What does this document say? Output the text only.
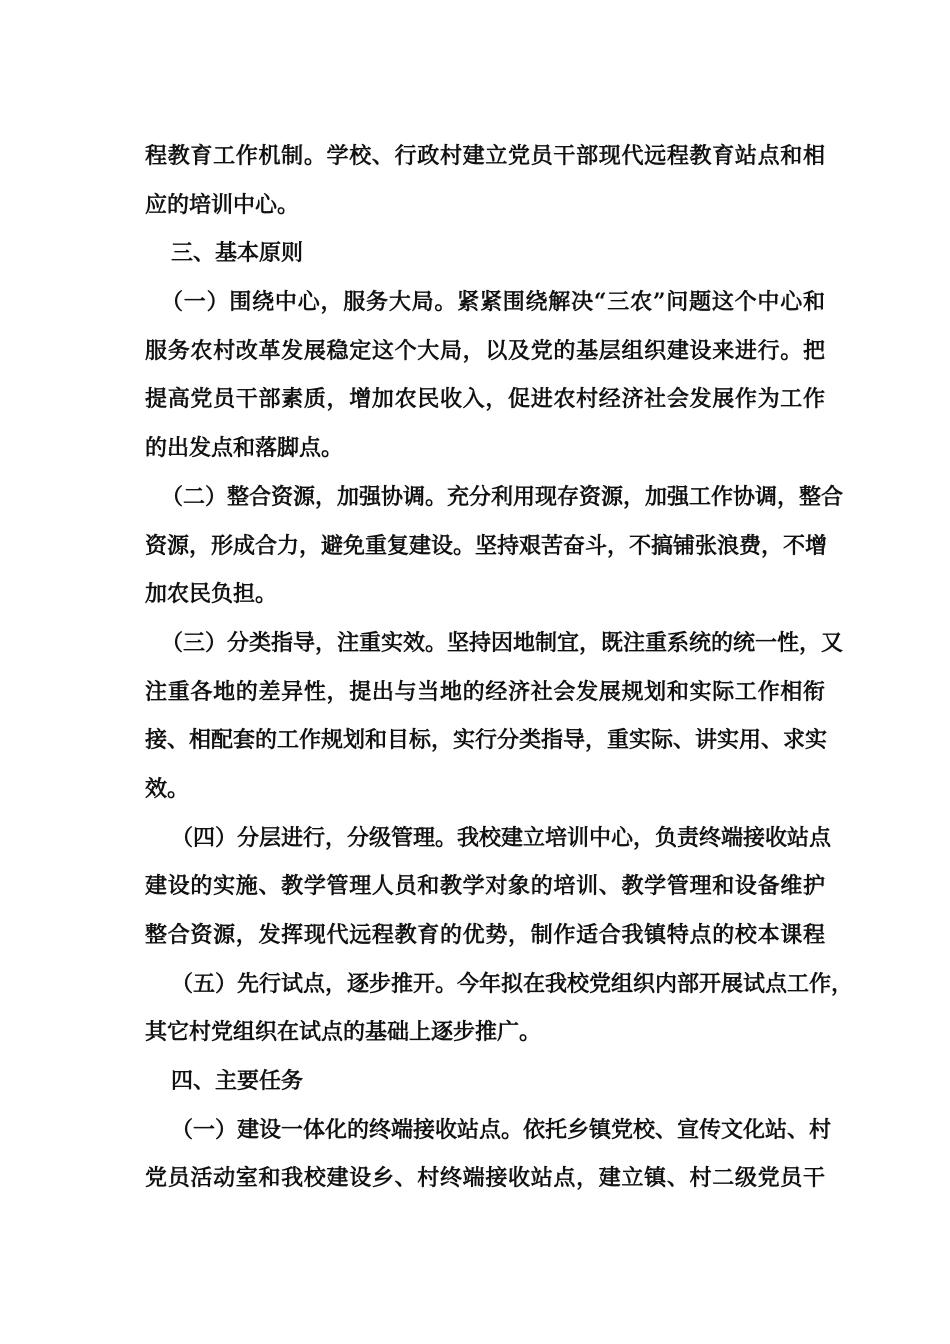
程教育工作机制。学校、行政村建立党员干部现代远程教育站点和相
应的培训中心。
三、基本原则
（一）围绕中心，服务大局。紧紧围绕解决“三农”问题这个中心和
服务农村改革发展稳定这个大局，以及党的基层组织建设来进行。把
提高党员干部素质，增加农民收入，促进农村经济社会发展作为工作
的出发点和落脚点。
（二）整合资源，加强协调。充分利用现存资源，加强工作协调，整合
资源，形成合力，避免重复建设。坚持艰苦奋斗，不搞铺张浪费，不增
加农民负担。
（三）分类指导，注重实效。坚持因地制宜，既注重系统的统一性，又
注重各地的差异性，提出与当地的经济社会发展规划和实际工作相衔
接、相配套的工作规划和目标，实行分类指导，重实际、讲实用、求实
效。
（四）分层进行，分级管理。我校建立培训中心，负责终端接收站点
建设的实施、教学管理人员和教学对象的培训、教学管理和设备维护
整合资源，发挥现代远程教育的优势，制作适合我镇特点的校本课程
（五）先行试点，逐步推开。今年拟在我校党组织内部开展试点工作，
其它村党组织在试点的基础上逐步推广。
四、主要任务
（一）建设一体化的终端接收站点。依托乡镇党校、宣传文化站、村
党员活动室和我校建设乡、村终端接收站点，建立镇、村二级党员干
